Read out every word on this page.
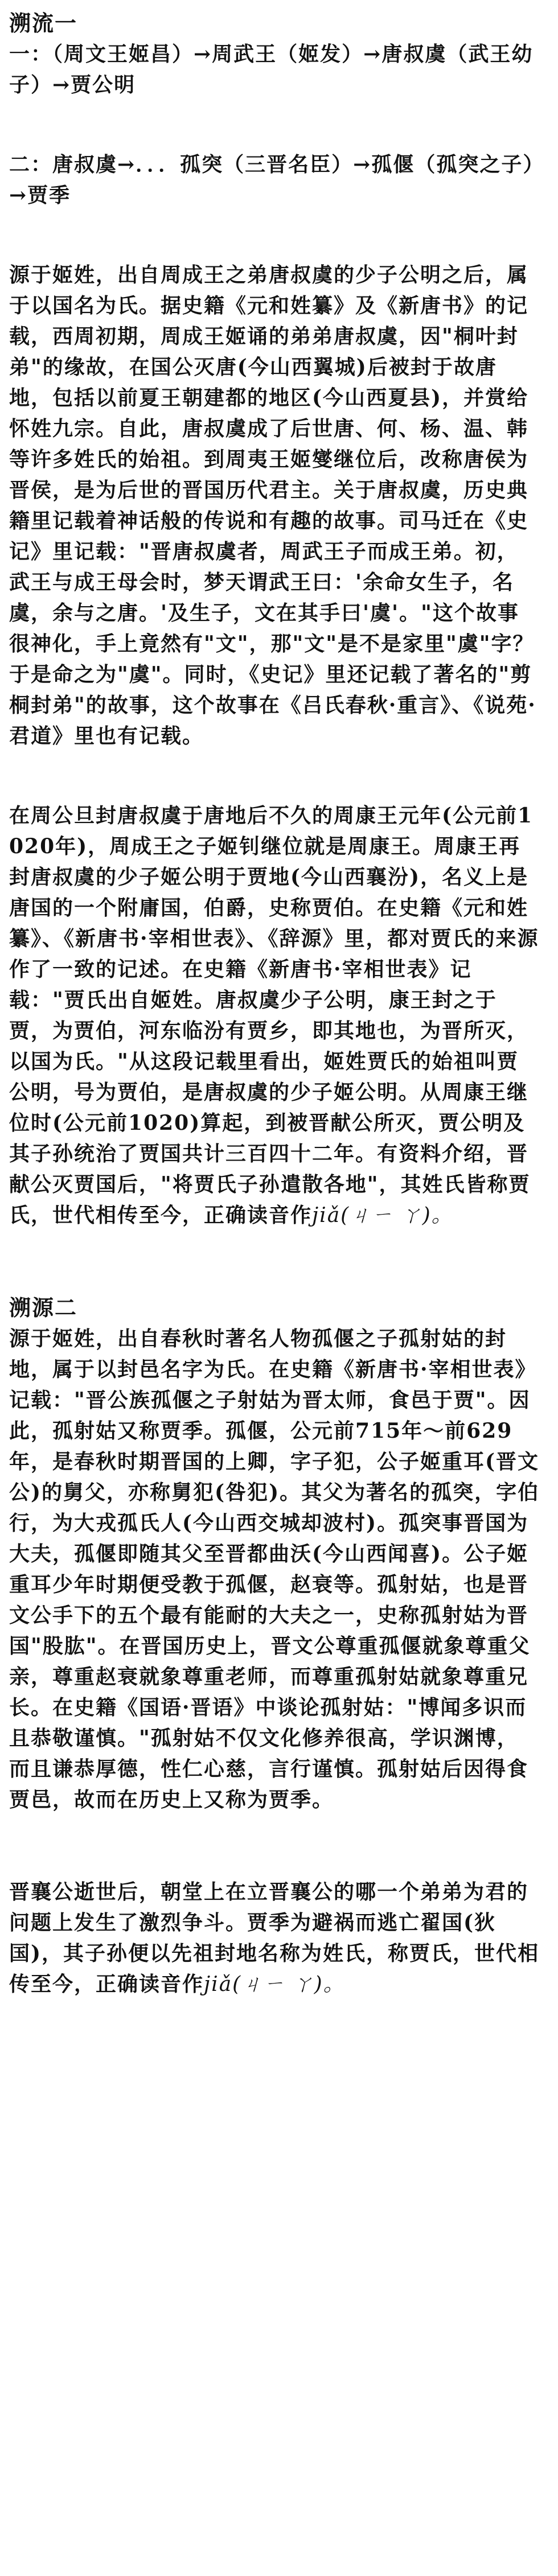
溯流一

一：（周文王姬昌）→周武王（姬发）→唐叔虞（武王幼子）→贾公明

二：唐叔虞→．．．孤突（三晋名臣）→孤偃（孤突之子）→贾季

源于姬姓，出自周成王之弟唐叔虞的少子公明之后，属于以国名为氏。据史籍《元和姓纂》及《新唐书》的记载，西周初期，周成王姬诵的弟弟唐叔虞，因"桐叶封弟"的缘故，在国公灭唐(今山西翼城)后被封于故唐地，包括以前夏王朝建都的地区(今山西夏县)，并赏给怀姓九宗。自此，唐叔虞成了后世唐、何、杨、温、韩等许多姓氏的始祖。到周夷王姬燮继位后，改称唐侯为晋侯，是为后世的晋国历代君主。关于唐叔虞，历史典籍里记载着神话般的传说和有趣的故事。司马迁在《史记》里记载："晋唐叔虞者，周武王子而成王弟。初，武王与成王母会时，梦天谓武王曰：'余命女生子，名虞，余与之唐。'及生子，文在其手曰'虞'。"这个故事很神化，手上竟然有"文"，那"文"是不是家里"虞"字？于是命之为"虞"。同时，《史记》里还记载了著名的"剪桐封弟"的故事，这个故事在《吕氏春秋·重言》、《说苑·君道》里也有记载。

在周公旦封唐叔虞于唐地后不久的周康王元年(公元前1020年)，周成王之子姬钊继位就是周康王。周康王再封唐叔虞的少子姬公明于贾地(今山西襄汾)，名义上是唐国的一个附庸国，伯爵，史称贾伯。在史籍《元和姓纂》、《新唐书·宰相世表》、《辞源》里，都对贾氏的来源作了一致的记述。在史籍《新唐书·宰相世表》记载："贾氏出自姬姓。唐叔虞少子公明，康王封之于贾，为贾伯，河东临汾有贾乡，即其地也，为晋所灭，以国为氏。"从这段记载里看出，姬姓贾氏的始祖叫贾公明，号为贾伯，是唐叔虞的少子姬公明。从周康王继位时(公元前1020)算起，到被晋献公所灭，贾公明及其子孙统治了贾国共计三百四十二年。有资料介绍，晋献公灭贾国后，"将贾氏子孙遣散各地"，其姓氏皆称贾氏，世代相传至今，正确读音作jiǎ(ㄐㄧ ㄚ)。

溯源二

源于姬姓，出自春秋时著名人物孤偃之子孤射姑的封地，属于以封邑名字为氏。在史籍《新唐书·宰相世表》记载："晋公族孤偃之子射姑为晋太师，食邑于贾"。因此，孤射姑又称贾季。孤偃，公元前715年～前629年，是春秋时期晋国的上卿，字子犯，公子姬重耳(晋文公)的舅父，亦称舅犯(咎犯)。其父为著名的孤突，字伯行，为大戎孤氏人(今山西交城却波村)。孤突事晋国为大夫，孤偃即随其父至晋都曲沃(今山西闻喜)。公子姬重耳少年时期便受教于孤偃，赵衰等。孤射姑，也是晋文公手下的五个最有能耐的大夫之一，史称孤射姑为晋国"股肱"。在晋国历史上，晋文公尊重孤偃就象尊重父亲，尊重赵衰就象尊重老师，而尊重孤射姑就象尊重兄长。在史籍《国语·晋语》中谈论孤射姑："博闻多识而且恭敬谨慎。"孤射姑不仅文化修养很高，学识渊博，而且谦恭厚德，性仁心慈，言行谨慎。孤射姑后因得食贾邑，故而在历史上又称为贾季。

晋襄公逝世后，朝堂上在立晋襄公的哪一个弟弟为君的问题上发生了激烈争斗。贾季为避祸而逃亡翟国(狄国)，其子孙便以先祖封地名称为姓氏，称贾氏，世代相传至今，正确读音作jiǎ(ㄐㄧ ㄚ)。
